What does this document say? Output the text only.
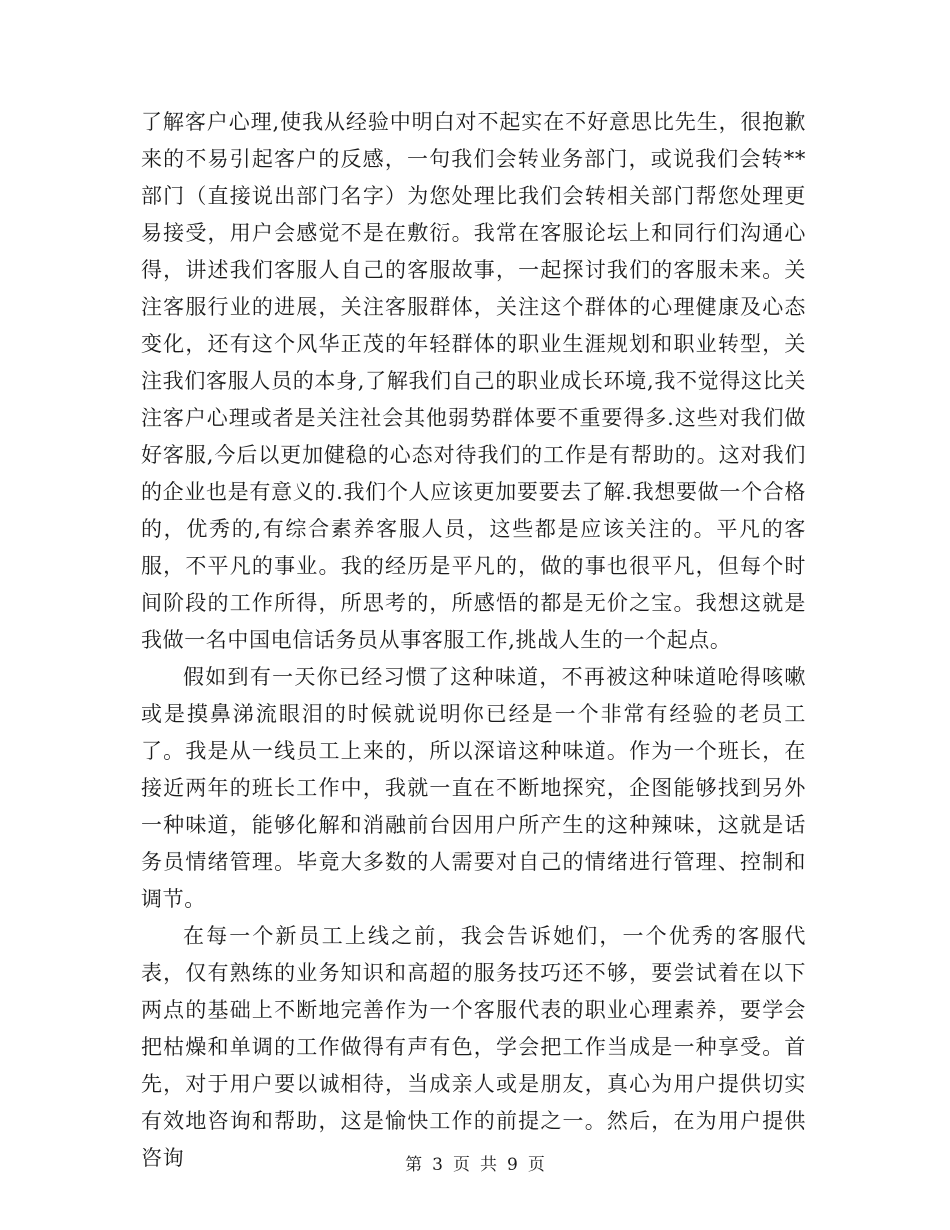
了解客户心理,使我从经验中明白对不起实在不好意思比先生，很抱歉来的不易引起客户的反感，一句我们会转业务部门，或说我们会转**部门（直接说出部门名字）为您处理比我们会转相关部门帮您处理更易接受，用户会感觉不是在敷衍。我常在客服论坛上和同行们沟通心得，讲述我们客服人自己的客服故事，一起探讨我们的客服未来。关注客服行业的进展，关注客服群体，关注这个群体的心理健康及心态变化，还有这个风华正茂的年轻群体的职业生涯规划和职业转型，关注我们客服人员的本身,了解我们自己的职业成长环境,我不觉得这比关注客户心理或者是关注社会其他弱势群体要不重要得多.这些对我们做好客服,今后以更加健稳的心态对待我们的工作是有帮助的。这对我们的企业也是有意义的.我们个人应该更加要要去了解.我想要做一个合格的，优秀的,有综合素养客服人员，这些都是应该关注的。平凡的客服，不平凡的事业。我的经历是平凡的，做的事也很平凡，但每个时间阶段的工作所得，所思考的，所感悟的都是无价之宝。我想这就是我做一名中国电信话务员从事客服工作,挑战人生的一个起点。

假如到有一天你已经习惯了这种味道，不再被这种味道呛得咳嗽或是摸鼻涕流眼泪的时候就说明你已经是一个非常有经验的老员工了。我是从一线员工上来的，所以深谙这种味道。作为一个班长，在接近两年的班长工作中，我就一直在不断地探究，企图能够找到另外一种味道，能够化解和消融前台因用户所产生的这种辣味，这就是话务员情绪管理。毕竟大多数的人需要对自己的情绪进行管理、控制和调节。

在每一个新员工上线之前，我会告诉她们，一个优秀的客服代表，仅有熟练的业务知识和高超的服务技巧还不够，要尝试着在以下两点的基础上不断地完善作为一个客服代表的职业心理素养，要学会把枯燥和单调的工作做得有声有色，学会把工作当成是一种享受。首先，对于用户要以诚相待，当成亲人或是朋友，真心为用户提供切实有效地咨询和帮助，这是愉快工作的前提之一。然后，在为用户提供咨询	第 3 页 共 9 页
